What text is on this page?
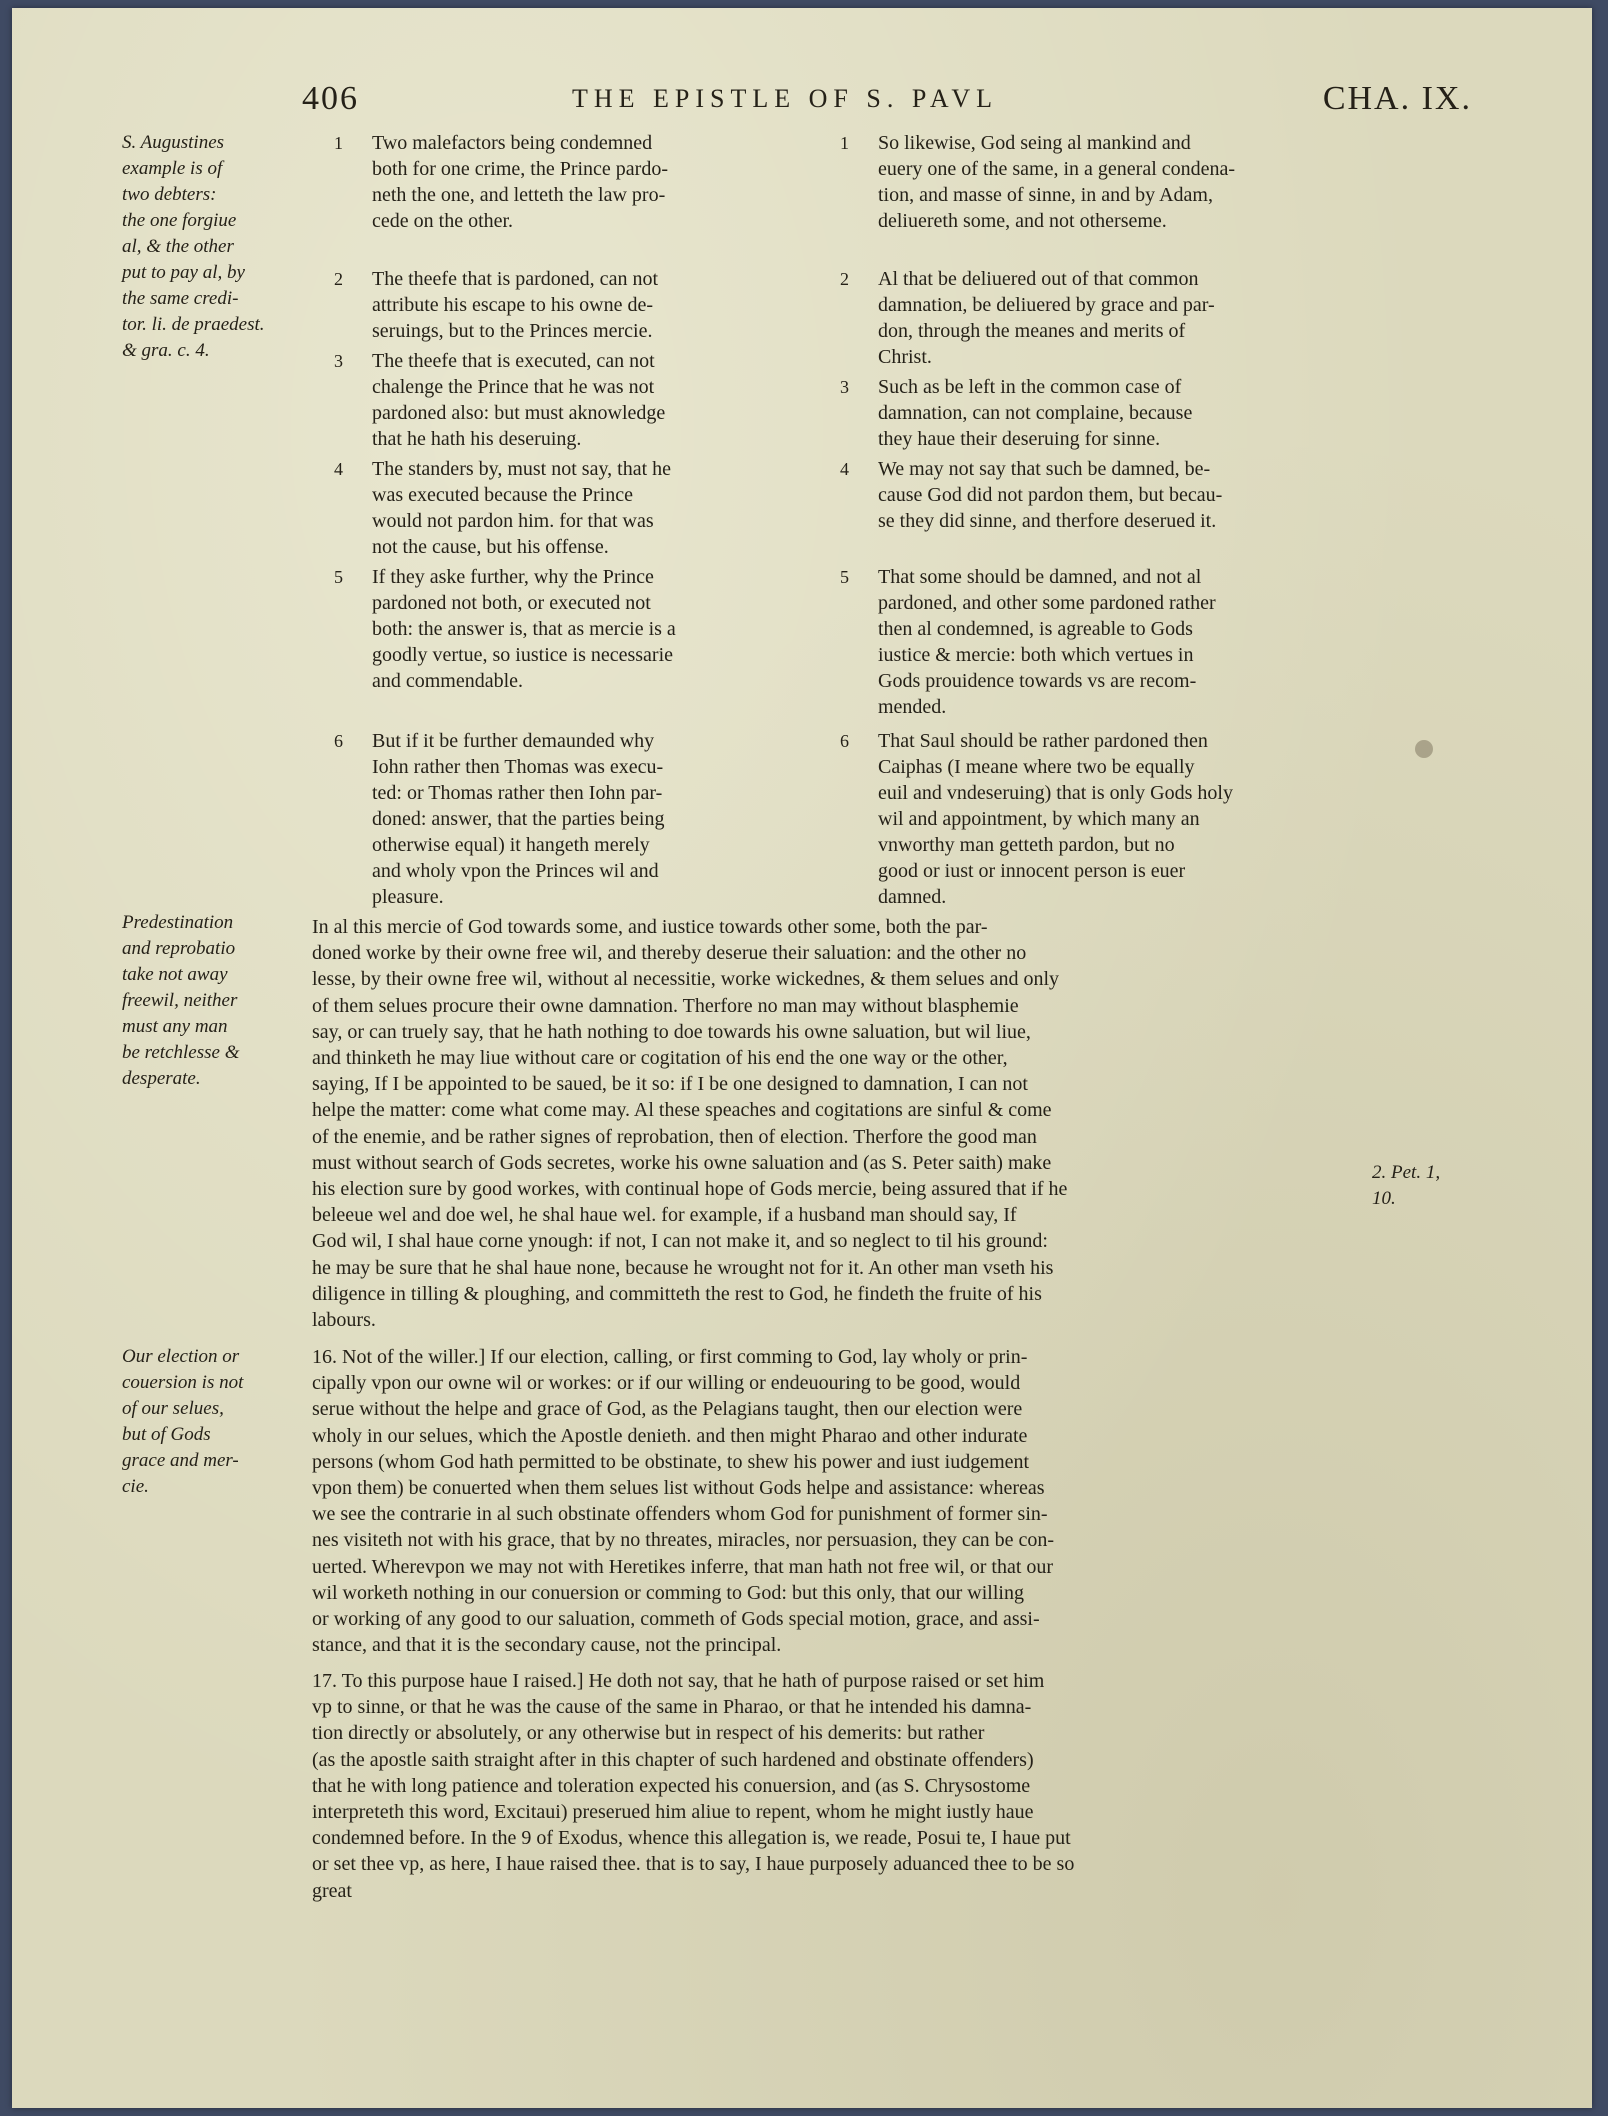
406	THE EPISTLE OF S. PAVL	CHA. IX.
S. Augustines
example is of
two debters:
the one forgiue
al, & the other
put to pay al, by
the same credi-
tor. li. de praedest.
& gra. c. 4.
Predestination
and reprobatio
take not away
freewil, neither
must any man
be retchlesse &
desperate.
Our election or
couersion is not
of our selues,
but of Gods
grace and mer-
cie.
2. Pet. 1,
10.
1 Two malefactors being condemned
both for one crime, the Prince pardo-
neth the one, and letteth the law pro-
cede on the other.
2 The theefe that is pardoned, can not
attribute his escape to his owne de-
seruings, but to the Princes mercie.
3 The theefe that is executed, can not
chalenge the Prince that he was not
pardoned also: but must aknowledge
that he hath his deseruing.
4 The standers by, must not say, that he
was executed because the Prince
would not pardon him. for that was
not the cause, but his offense.
5 If they aske further, why the Prince
pardoned not both, or executed not
both: the answer is, that as mercie is a
goodly vertue, so iustice is necessarie
and commendable.
6 But if it be further demaunded why
Iohn rather then Thomas was execu-
ted: or Thomas rather then Iohn par-
doned: answer, that the parties being
otherwise equal) it hangeth merely
and wholy vpon the Princes wil and
pleasure.
1 So likewise, God seing al mankind and
euery one of the same, in a general condena-
tion, and masse of sinne, in and by Adam,
deliuereth some, and not otherseme.
2 Al that be deliuered out of that common
damnation, be deliuered by grace and par-
don, through the meanes and merits of
Christ.
3 Such as be left in the common case of
damnation, can not complaine, because
they haue their deseruing for sinne.
4 We may not say that such be damned, be-
cause God did not pardon them, but becau-
se they did sinne, and therfore deserued it.
5 That some should be damned, and not al
pardoned, and other some pardoned rather
then al condemned, is agreable to Gods
iustice & mercie: both which vertues in
Gods prouidence towards vs are recom-
mended.
6 That Saul should be rather pardoned then
Caiphas (I meane where two be equally
euil and vndeseruing) that is only Gods holy
wil and appointment, by which many an
vnworthy man getteth pardon, but no
good or iust or innocent person is euer
damned.
In al this mercie of God towards some, and iustice towards other some, both the par-
doned worke by their owne free wil, and thereby deserue their saluation: and the other no
lesse, by their owne free wil, without al necessitie, worke wickednes, & them selues and only
of them selues procure their owne damnation. Therfore no man may without blasphemie
say, or can truely say, that he hath nothing to doe towards his owne saluation, but wil liue,
and thinketh he may liue without care or cogitation of his end the one way or the other,
saying, If I be appointed to be saued, be it so: if I be one designed to damnation, I can not
helpe the matter: come what come may. Al these speaches and cogitations are sinful & come
of the enemie, and be rather signes of reprobation, then of election. Therfore the good man
must without search of Gods secretes, worke his owne saluation and (as S. Peter saith) make
his election sure by good workes, with continual hope of Gods mercie, being assured that if he
beleeue wel and doe wel, he shal haue wel. for example, if a husband man should say, If
God wil, I shal haue corne ynough: if not, I can not make it, and so neglect to til his ground:
he may be sure that he shal haue none, because he wrought not for it. An other man vseth his
diligence in tilling & ploughing, and committeth the rest to God, he findeth the fruite of his
labours.
16. Not of the willer.] If our election, calling, or first comming to God, lay wholy or prin-
cipally vpon our owne wil or workes: or if our willing or endeuouring to be good, would
serue without the helpe and grace of God, as the Pelagians taught, then our election were
wholy in our selues, which the Apostle denieth. and then might Pharao and other indurate
persons (whom God hath permitted to be obstinate, to shew his power and iust iudgement
vpon them) be conuerted when them selues list without Gods helpe and assistance: whereas
we see the contrarie in al such obstinate offenders whom God for punishment of former sin-
nes visiteth not with his grace, that by no threates, miracles, nor persuasion, they can be con-
uerted. Wherevpon we may not with Heretikes inferre, that man hath not free wil, or that our
wil worketh nothing in our conuersion or comming to God: but this only, that our willing
or working of any good to our saluation, commeth of Gods special motion, grace, and assi-
stance, and that it is the secondary cause, not the principal.
17. To this purpose haue I raised.] He doth not say, that he hath of purpose raised or set him
vp to sinne, or that he was the cause of the same in Pharao, or that he intended his damna-
tion directly or absolutely, or any otherwise but in respect of his demerits: but rather
(as the apostle saith straight after in this chapter of such hardened and obstinate offenders)
that he with long patience and toleration expected his conuersion, and (as S. Chrysostome
interpreteth this word, Excitaui) preserued him aliue to repent, whom he might iustly haue
condemned before. In the 9 of Exodus, whence this allegation is, we reade, Posui te, I haue put
or set thee vp, as here, I haue raised thee. that is to say, I haue purposely aduanced thee to be so
great
